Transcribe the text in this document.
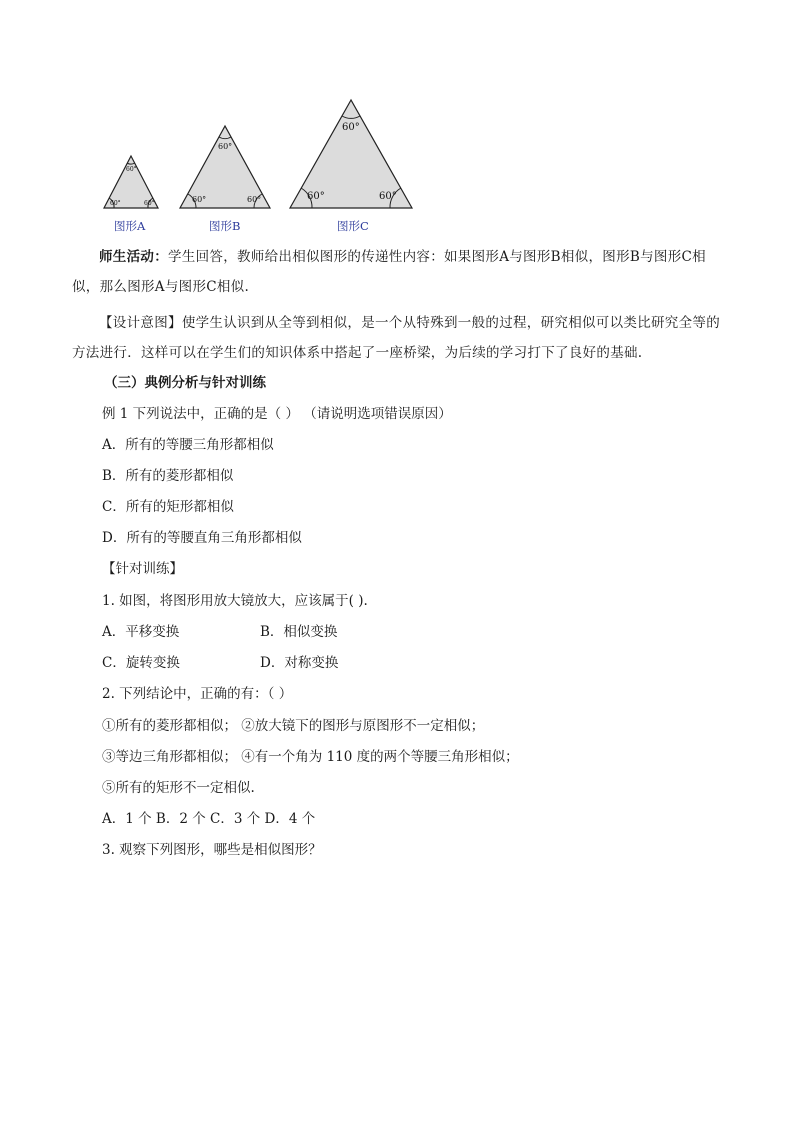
60°
60°	60°
图形A
60°
60°	60°
图形B
60°
60°	60°
图形C
师生活动：学生回答，教师给出相似图形的传递性内容：如果图形A与图形B相似，图形B与图形C相似，那么图形A与图形C相似.
【设计意图】使学生认识到从全等到相似，是一个从特殊到一般的过程，研究相似可以类比研究全等的方法进行．这样可以在学生们的知识体系中搭起了一座桥梁，为后续的学习打下了良好的基础.
（三）典例分析与针对训练
例 1 下列说法中，正确的是（ ） （请说明选项错误原因）
A．所有的等腰三角形都相似
B．所有的菱形都相似
C．所有的矩形都相似
D．所有的等腰直角三角形都相似
【针对训练】
1. 如图，将图形用放大镜放大，应该属于( ).
A．平移变换	B．相似变换
C．旋转变换	D．对称变换
2. 下列结论中，正确的有：（ ）
①所有的菱形都相似； ②放大镜下的图形与原图形不一定相似；
③等边三角形都相似； ④有一个角为 110 度的两个等腰三角形相似；
⑤所有的矩形不一定相似.
A．1 个 B．2 个 C．3 个 D．4 个
3. 观察下列图形，哪些是相似图形？
